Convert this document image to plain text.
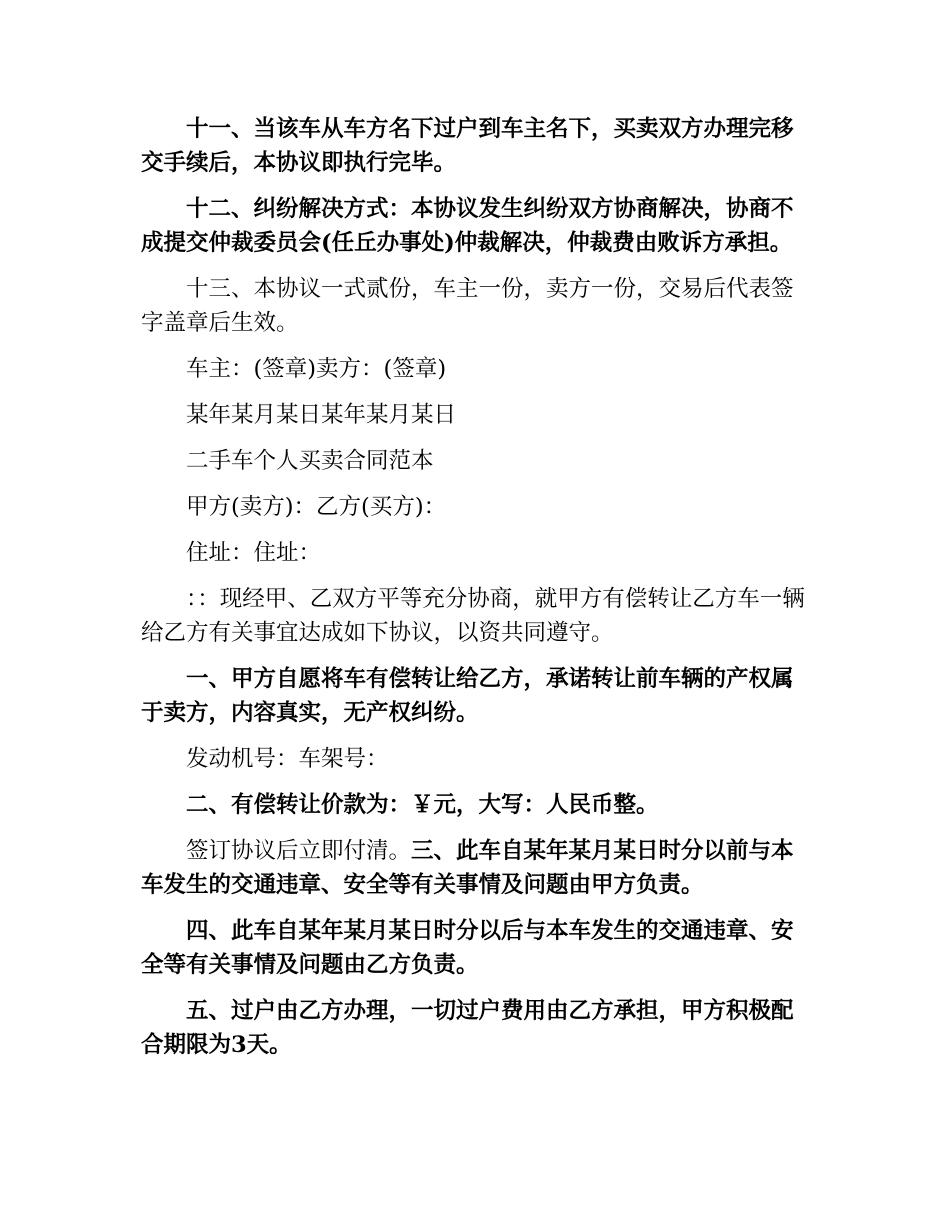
十一、当该车从车方名下过户到车主名下，买卖双方办理完移交手续后，本协议即执行完毕。

十二、纠纷解决方式：本协议发生纠纷双方协商解决，协商不成提交仲裁委员会(任丘办事处)仲裁解决，仲裁费由败诉方承担。

十三、本协议一式贰份，车主一份，卖方一份，交易后代表签字盖章后生效。

车主：(签章)卖方：(签章)

某年某月某日某年某月某日

二手车个人买卖合同范本

甲方(卖方)：乙方(买方)：

住址：住址：

：：现经甲、乙双方平等充分协商，就甲方有偿转让乙方车一辆给乙方有关事宜达成如下协议，以资共同遵守。

一、甲方自愿将车有偿转让给乙方，承诺转让前车辆的产权属于卖方，内容真实，无产权纠纷。

发动机号：车架号：

二、有偿转让价款为：￥元，大写：人民币整。

签订协议后立即付清。三、此车自某年某月某日时分以前与本车发生的交通违章、安全等有关事情及问题由甲方负责。

四、此车自某年某月某日时分以后与本车发生的交通违章、安全等有关事情及问题由乙方负责。

五、过户由乙方办理，一切过户费用由乙方承担，甲方积极配合期限为3天。
